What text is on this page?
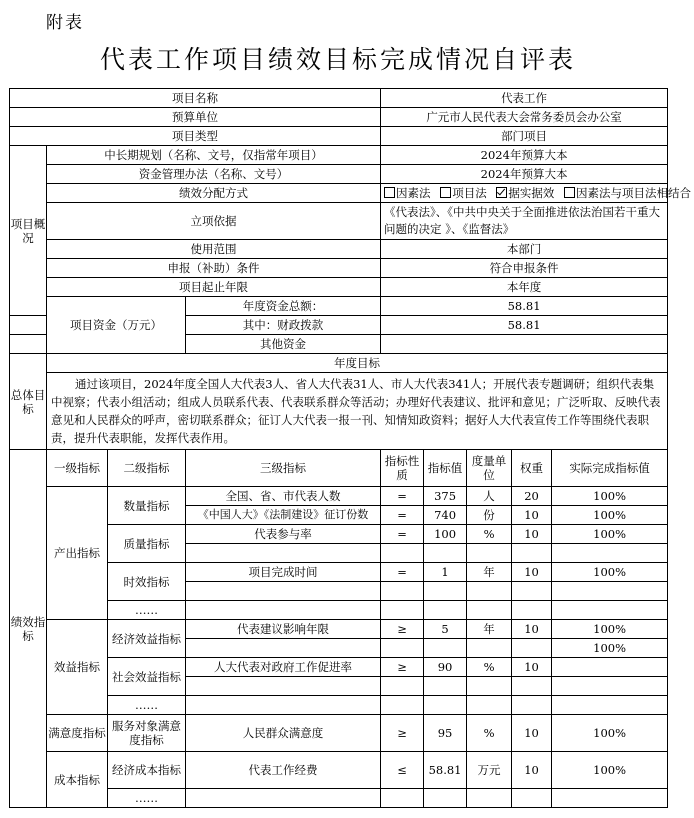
附表
代表工作项目绩效目标完成情况自评表
项目名称				代表工作				
预算单位				广元市人民代表大会常务委员会办公室				
项目类型				部门项目				
项目概况	中长期规划（名称、文号，仅指常年项目）			2024年预算大本				
	资金管理办法（名称、文号）			2024年预算大本				
	绩效分配方式			因素法 项目法 据实据效 因素法与项目法相结合				
	立项依据			《代表法》、《中共中央关于全面推进依法治国若干重大问题的决定 》、《监督法》				
	使用范围			本部门				
	申报（补助）条件			符合申报条件				
	项目起止年限			本年度				
	项目资金（万元）		年度资金总额：	58.81				
			其中：财政拨款	58.81				
			其他资金					
总体目标	年度目标							
	通过该项目，2024年度全国人大代表3人、省人大代表31人、市人大代表341人；开展代表专题调研；组织代表集中视察；代表小组活动；组成人员联系代表、代表联系群众等活动；办理好代表建议、批评和意见；广泛听取、反映代表意见和人民群众的呼声，密切联系群众；征订人大代表一报一刊、知情知政资料；据好人大代表宣传工作等围绕代表职责，提升代表职能，发挥代表作用。							
绩效指标	一级指标	二级指标	三级指标	指标性质	指标值	度量单位	权重	实际完成指标值
	产出指标	数量指标	全国、省、市代表人数	=	375	人	20	100%
			《中国人大》《法制建设》征订份数	=	740	份	10	100%
		质量指标	代表参与率	=	100	%	10	100%

		时效指标	项目完成时间	=	1	年	10	100%

		……						
	效益指标	经济效益指标	代表建议影响年限	≥	5	年	10	100%
								100%
		社会效益指标	人大代表对政府工作促进率	≥	90	%	10	

		……						
	满意度指标	服务对象满意度指标	人民群众满意度	≥	95	%	10	100%
	成本指标	经济成本指标	代表工作经费	≤	58.81	万元	10	100%
		……						
